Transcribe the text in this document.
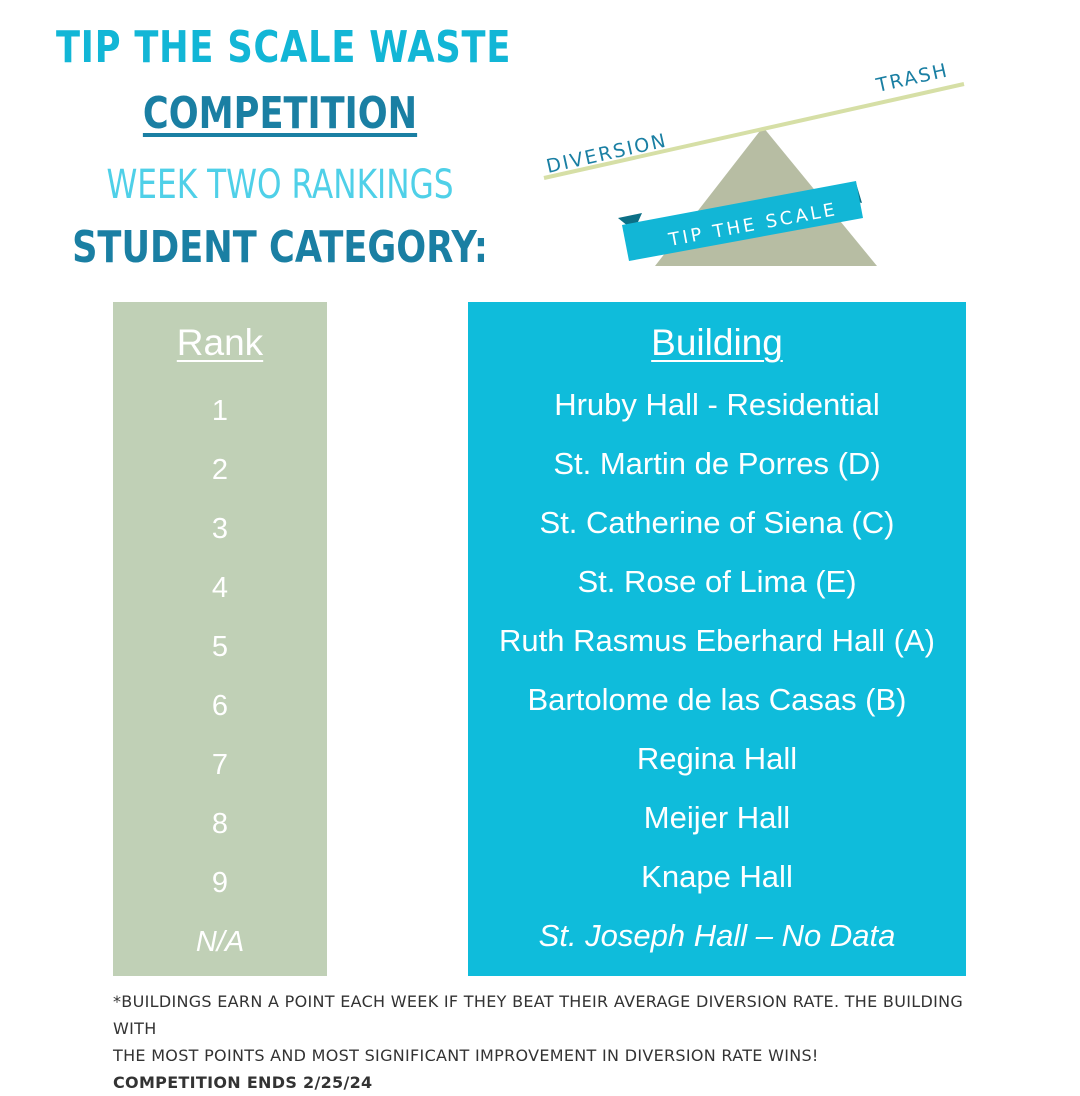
TIP THE SCALE WASTE
COMPETITION
WEEK TWO RANKINGS
STUDENT CATEGORY:
DIVERSION
TRASH
TIP THE SCALE
Rank
1
2
3
4
5
6
7
8
9
N/A
Building
Hruby Hall - Residential
St. Martin de Porres (D)
St. Catherine of Siena (C)
St. Rose of Lima (E)
Ruth Rasmus Eberhard Hall (A)
Bartolome de las Casas (B)
Regina Hall
Meijer Hall
Knape Hall
St. Joseph Hall – No Data
*BUILDINGS EARN A POINT EACH WEEK IF THEY BEAT THEIR AVERAGE DIVERSION RATE. THE BUILDING WITH
THE MOST POINTS AND MOST SIGNIFICANT IMPROVEMENT IN DIVERSION RATE WINS!
COMPETITION ENDS 2/25/24
